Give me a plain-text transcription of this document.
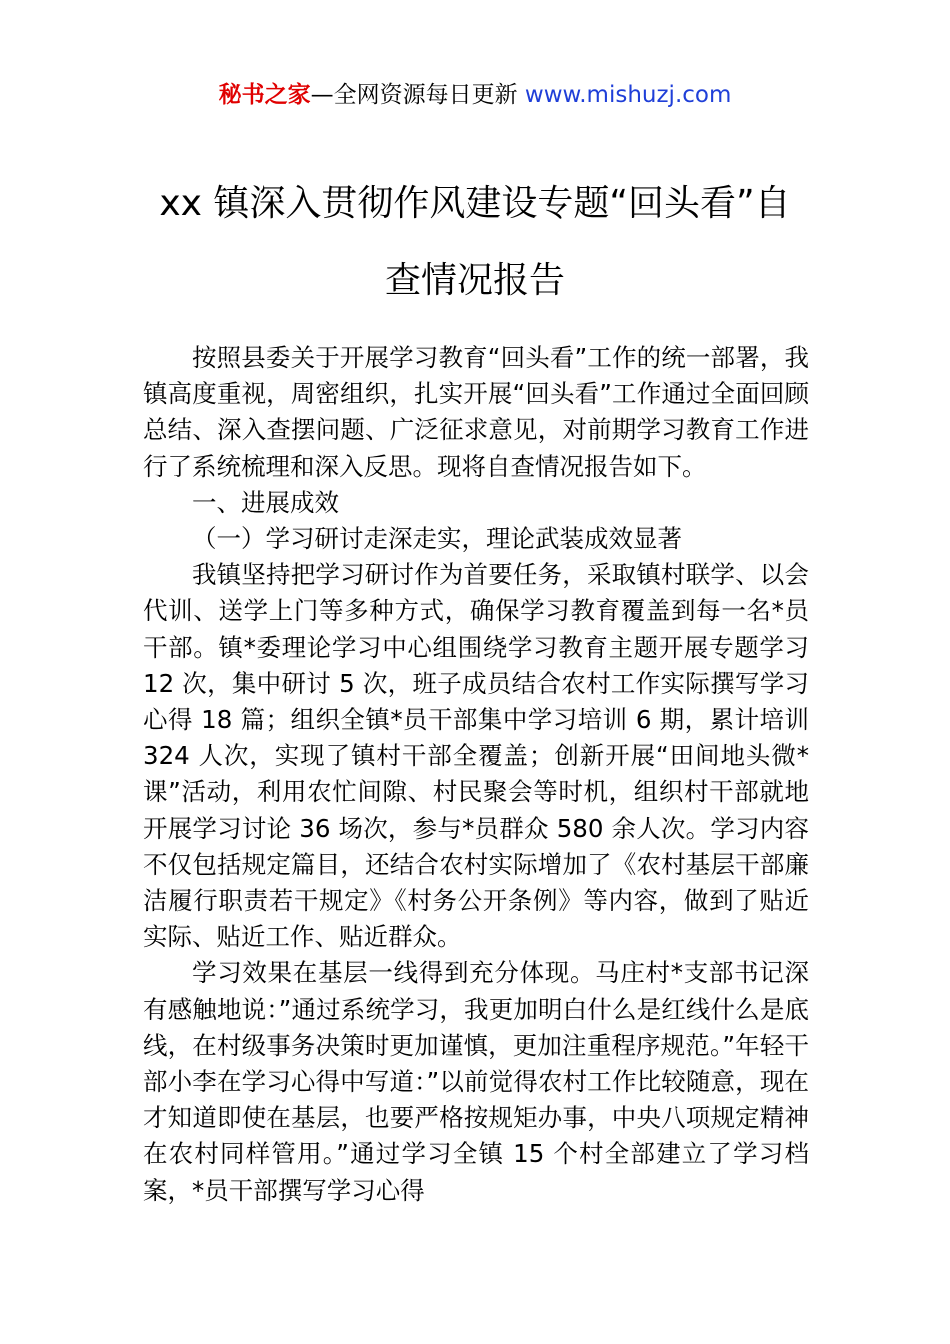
秘书之家—全网资源每日更新 www.mishuzj.com
xx 镇深入贯彻作风建设专题“回头看”自
查情况报告

按照县委关于开展学习教育“回头看”工作的统一部署，我镇高度重视，周密组织，扎实开展“回头看”工作通过全面回顾总结、深入查摆问题、广泛征求意见，对前期学习教育工作进行了系统梳理和深入反思。现将自查情况报告如下。

一、进展成效

（一）学习研讨走深走实，理论武装成效显著

我镇坚持把学习研讨作为首要任务，采取镇村联学、以会代训、送学上门等多种方式，确保学习教育覆盖到每一名*员干部。镇*委理论学习中心组围绕学习教育主题开展专题学习 12 次，集中研讨 5 次，班子成员结合农村工作实际撰写学习心得 18 篇；组织全镇*员干部集中学习培训 6 期，累计培训 324 人次，实现了镇村干部全覆盖；创新开展“田间地头微*课”活动，利用农忙间隙、村民聚会等时机，组织村干部就地开展学习讨论 36 场次，参与*员群众 580 余人次。学习内容不仅包括规定篇目，还结合农村实际增加了《农村基层干部廉洁履行职责若干规定》《村务公开条例》等内容，做到了贴近实际、贴近工作、贴近群众。

学习效果在基层一线得到充分体现。马庄村*支部书记深有感触地说：”通过系统学习，我更加明白什么是红线什么是底线，在村级事务决策时更加谨慎，更加注重程序规范。”年轻干部小李在学习心得中写道：”以前觉得农村工作比较随意，现在才知道即使在基层，也要严格按规矩办事，中央八项规定精神在农村同样管用。”通过学习全镇 15 个村全部建立了学习档案，*员干部撰写学习心得
